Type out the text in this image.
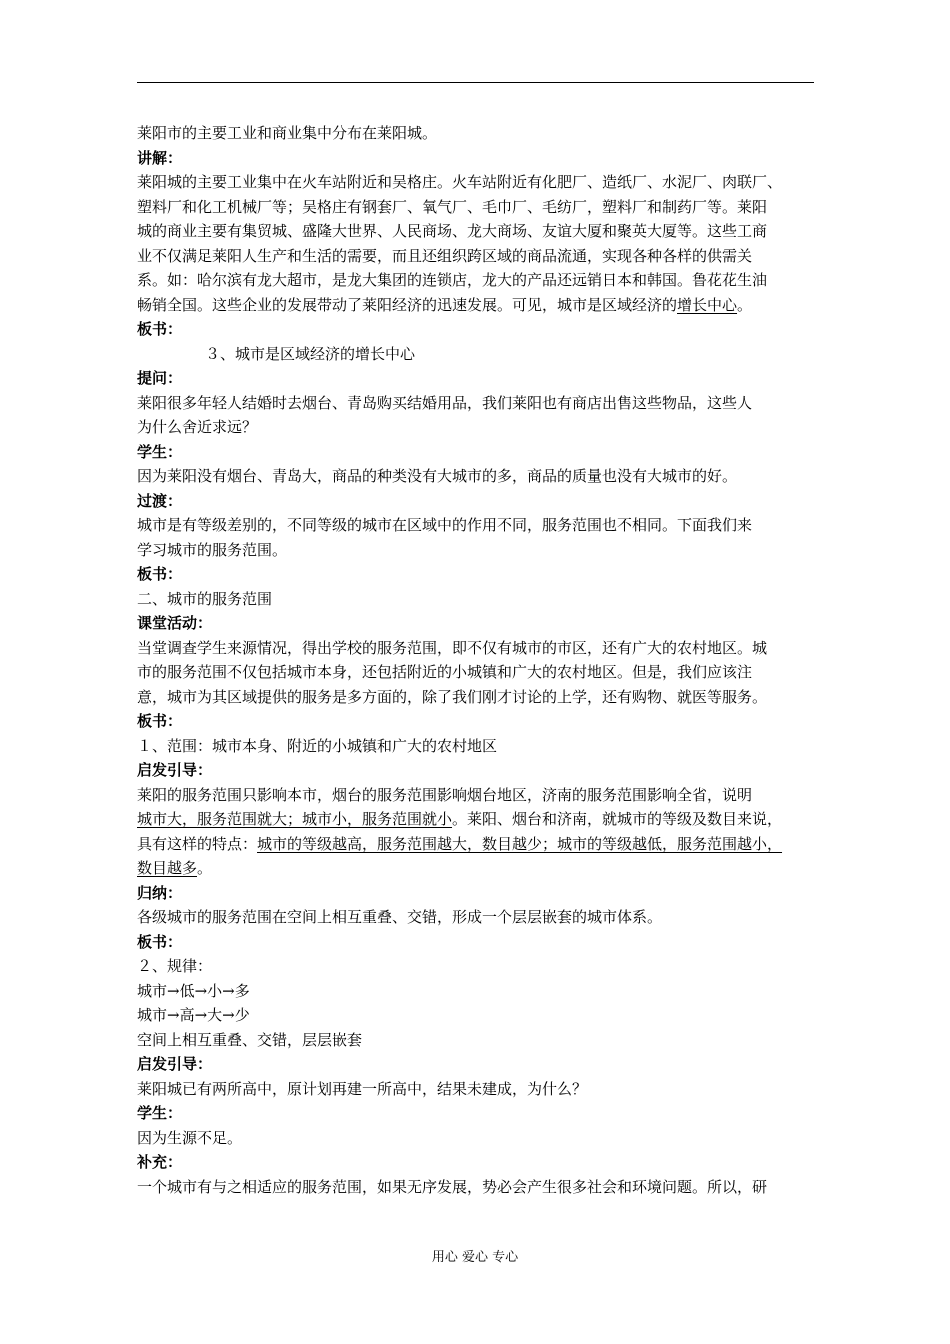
莱阳市的主要工业和商业集中分布在莱阳城。
讲解：
莱阳城的主要工业集中在火车站附近和吴格庄。火车站附近有化肥厂、造纸厂、水泥厂、肉联厂、
塑料厂和化工机械厂等；吴格庄有钢套厂、氧气厂、毛巾厂、毛纺厂，塑料厂和制药厂等。莱阳
城的商业主要有集贸城、盛隆大世界、人民商场、龙大商场、友谊大厦和聚英大厦等。这些工商
业不仅满足莱阳人生产和生活的需要，而且还组织跨区域的商品流通，实现各种各样的供需关
系。如：哈尔滨有龙大超市，是龙大集团的连锁店，龙大的产品还远销日本和韩国。鲁花花生油
畅销全国。这些企业的发展带动了莱阳经济的迅速发展。可见，城市是区域经济的增长中心。
板书：
３、城市是区域经济的增长中心
提问：
莱阳很多年轻人结婚时去烟台、青岛购买结婚用品，我们莱阳也有商店出售这些物品，这些人
为什么舍近求远？
学生：
因为莱阳没有烟台、青岛大，商品的种类没有大城市的多，商品的质量也没有大城市的好。
过渡：
城市是有等级差别的，不同等级的城市在区域中的作用不同，服务范围也不相同。下面我们来
学习城市的服务范围。
板书：
二、城市的服务范围
课堂活动：
当堂调查学生来源情况，得出学校的服务范围，即不仅有城市的市区，还有广大的农村地区。城
市的服务范围不仅包括城市本身，还包括附近的小城镇和广大的农村地区。但是，我们应该注
意，城市为其区域提供的服务是多方面的，除了我们刚才讨论的上学，还有购物、就医等服务。
板书：
１、范围：城市本身、附近的小城镇和广大的农村地区
启发引导：
莱阳的服务范围只影响本市，烟台的服务范围影响烟台地区，济南的服务范围影响全省，说明
城市大，服务范围就大；城市小，服务范围就小。莱阳、烟台和济南，就城市的等级及数目来说，
具有这样的特点：城市的等级越高，服务范围越大，数目越少；城市的等级越低，服务范围越小，
数目越多。
归纳：
各级城市的服务范围在空间上相互重叠、交错，形成一个层层嵌套的城市体系。
板书：
２、规律：
城市→低→小→多
城市→高→大→少
空间上相互重叠、交错，层层嵌套
启发引导：
莱阳城已有两所高中，原计划再建一所高中，结果未建成，为什么？
学生：
因为生源不足。
补充：
一个城市有与之相适应的服务范围，如果无序发展，势必会产生很多社会和环境问题。所以，研
用心 爱心 专心
